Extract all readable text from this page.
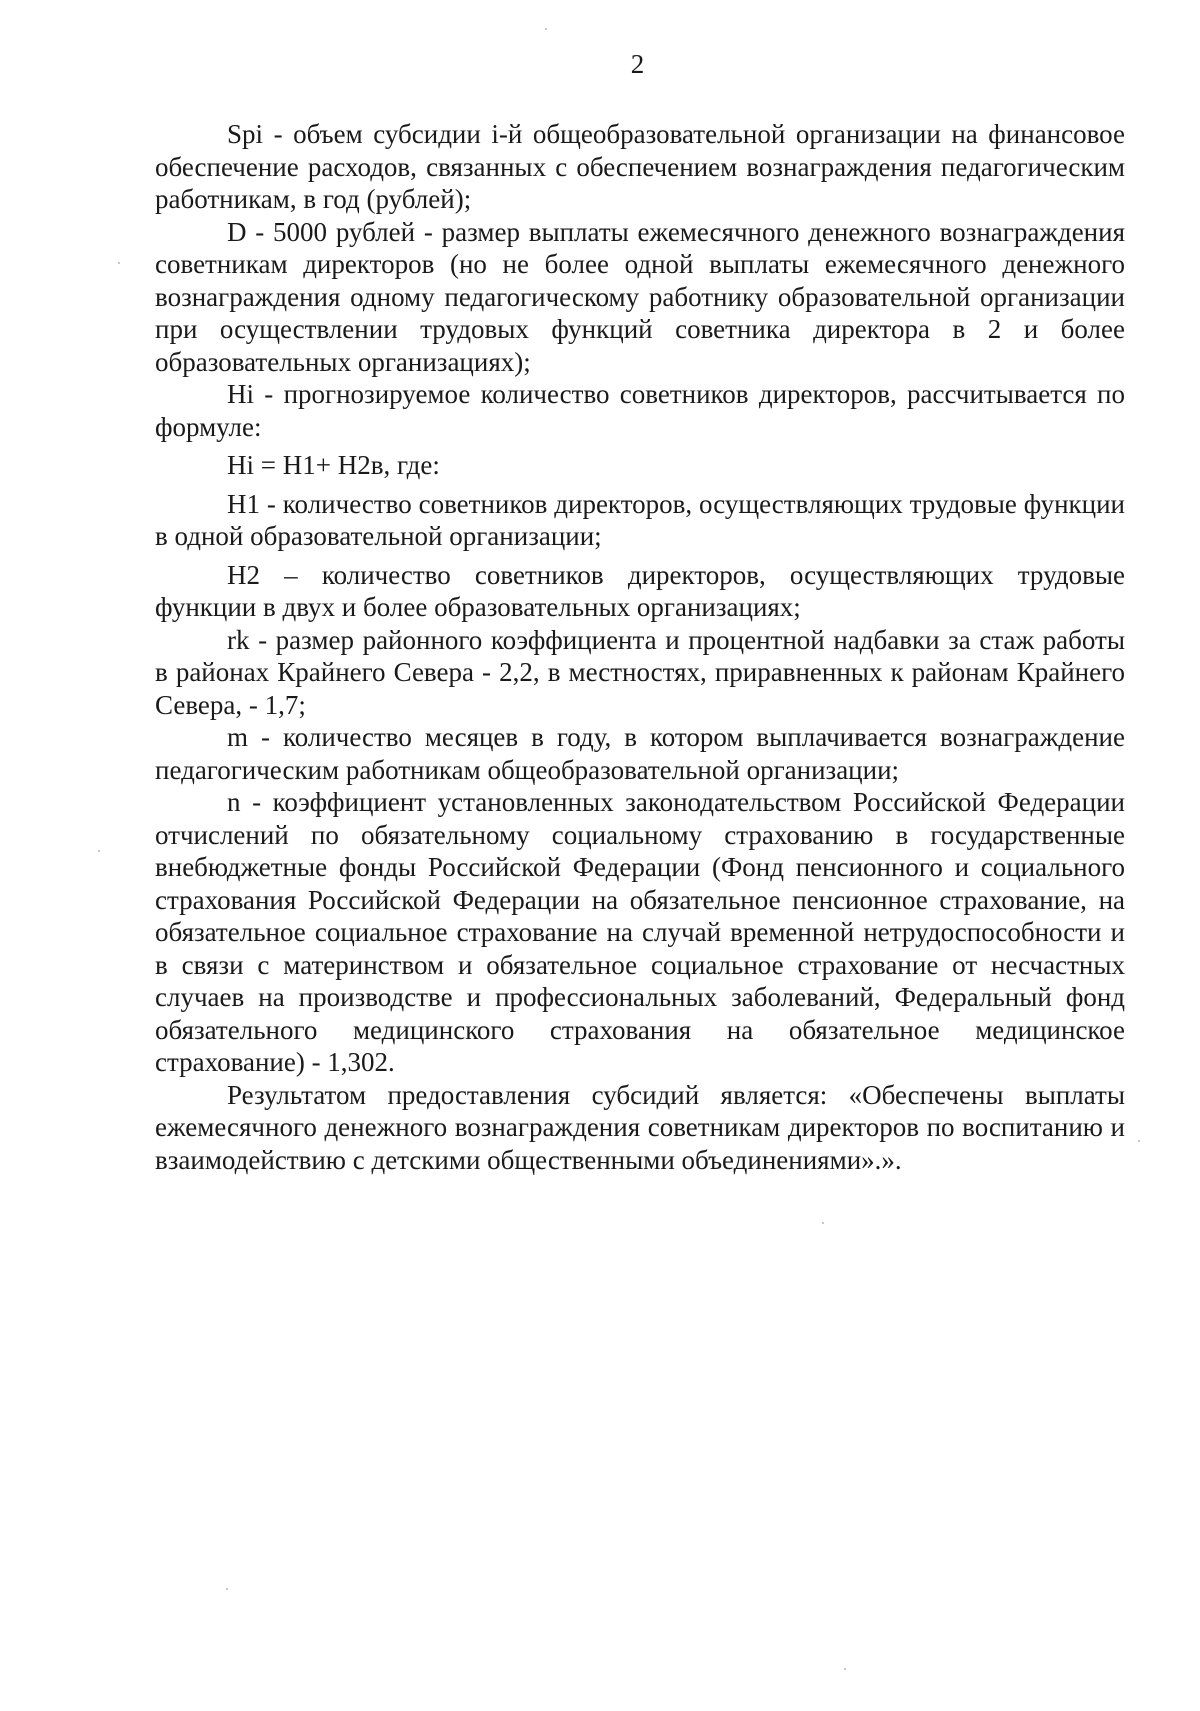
2

Spi - объем субсидии i-й общеобразовательной организации на финансовое обеспечение расходов, связанных с обеспечением вознаграждения педагогическим работникам, в год (рублей);

D - 5000 рублей - размер выплаты ежемесячного денежного вознаграждения советникам директоров (но не более одной выплаты ежемесячного денежного вознаграждения одному педагогическому работнику образовательной организации при осуществлении трудовых функций советника директора в 2 и более образовательных организациях);

Hi - прогнозируемое количество советников директоров, рассчитывается по формуле:

Hi = H1+ H2в, где:

H1 - количество советников директоров, осуществляющих трудовые функции в одной образовательной организации;

H2 – количество советников директоров, осуществляющих трудовые функции в двух и более образовательных организациях;

rk - размер районного коэффициента и процентной надбавки за стаж работы в районах Крайнего Севера - 2,2, в местностях, приравненных к районам Крайнего Севера, - 1,7;

m - количество месяцев в году, в котором выплачивается вознаграждение педагогическим работникам общеобразовательной организации;

n - коэффициент установленных законодательством Российской Федерации отчислений по обязательному социальному страхованию в государственные внебюджетные фонды Российской Федерации (Фонд пенсионного и социального страхования Российской Федерации на обязательное пенсионное страхование, на обязательное социальное страхование на случай временной нетрудоспособности и в связи с материнством и обязательное социальное страхование от несчастных случаев на производстве и профессиональных заболеваний, Федеральный фонд обязательного медицинского страхования на обязательное медицинское страхование) - 1,302.

Результатом предоставления субсидий является: «Обеспечены выплаты ежемесячного денежного вознаграждения советникам директоров по воспитанию и взаимодействию с детскими общественными объединениями».».
